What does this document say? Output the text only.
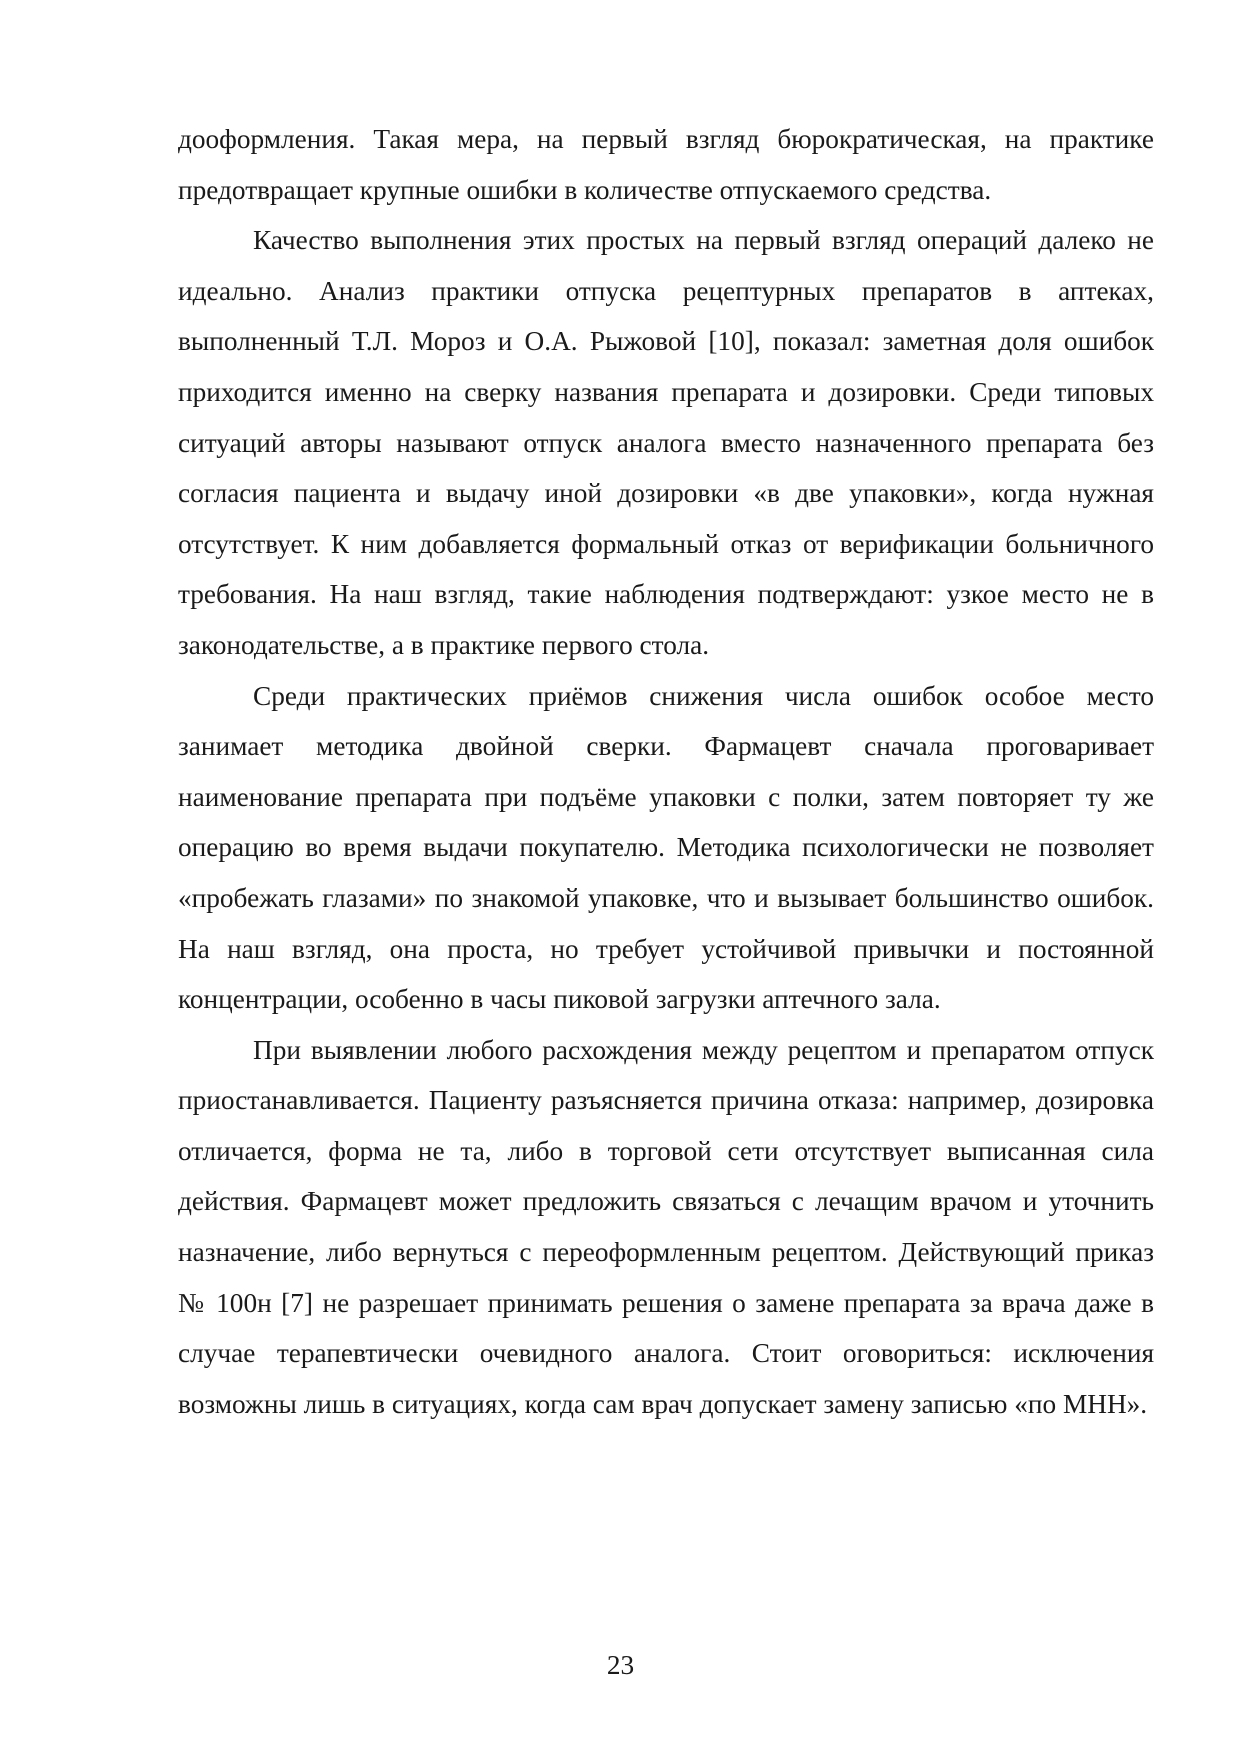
дооформления. Такая мера, на первый взгляд бюрократическая, на практике предотвращает крупные ошибки в количестве отпускаемого средства.

Качество выполнения этих простых на первый взгляд операций далеко не идеально. Анализ практики отпуска рецептурных препаратов в аптеках, выполненный Т.Л. Мороз и О.А. Рыжовой [10], показал: заметная доля ошибок приходится именно на сверку названия препарата и дозировки. Среди типовых ситуаций авторы называют отпуск аналога вместо назначенного препарата без согласия пациента и выдачу иной дозировки «в две упаковки», когда нужная отсутствует. К ним добавляется формальный отказ от верификации больничного требования. На наш взгляд, такие наблюдения подтверждают: узкое место не в законодательстве, а в практике первого стола.

Среди практических приёмов снижения числа ошибок особое место занимает методика двойной сверки. Фармацевт сначала проговаривает наименование препарата при подъёме упаковки с полки, затем повторяет ту же операцию во время выдачи покупателю. Методика психологически не позволяет «пробежать глазами» по знакомой упаковке, что и вызывает большинство ошибок. На наш взгляд, она проста, но требует устойчивой привычки и постоянной концентрации, особенно в часы пиковой загрузки аптечного зала.

При выявлении любого расхождения между рецептом и препаратом отпуск приостанавливается. Пациенту разъясняется причина отказа: например, дозировка отличается, форма не та, либо в торговой сети отсутствует выписанная сила действия. Фармацевт может предложить связаться с лечащим врачом и уточнить назначение, либо вернуться с переоформленным рецептом. Действующий приказ № 100н [7] не разрешает принимать решения о замене препарата за врача даже в случае терапевтически очевидного аналога. Стоит оговориться: исключения возможны лишь в ситуациях, когда сам врач допускает замену записью «по МНН».

23
